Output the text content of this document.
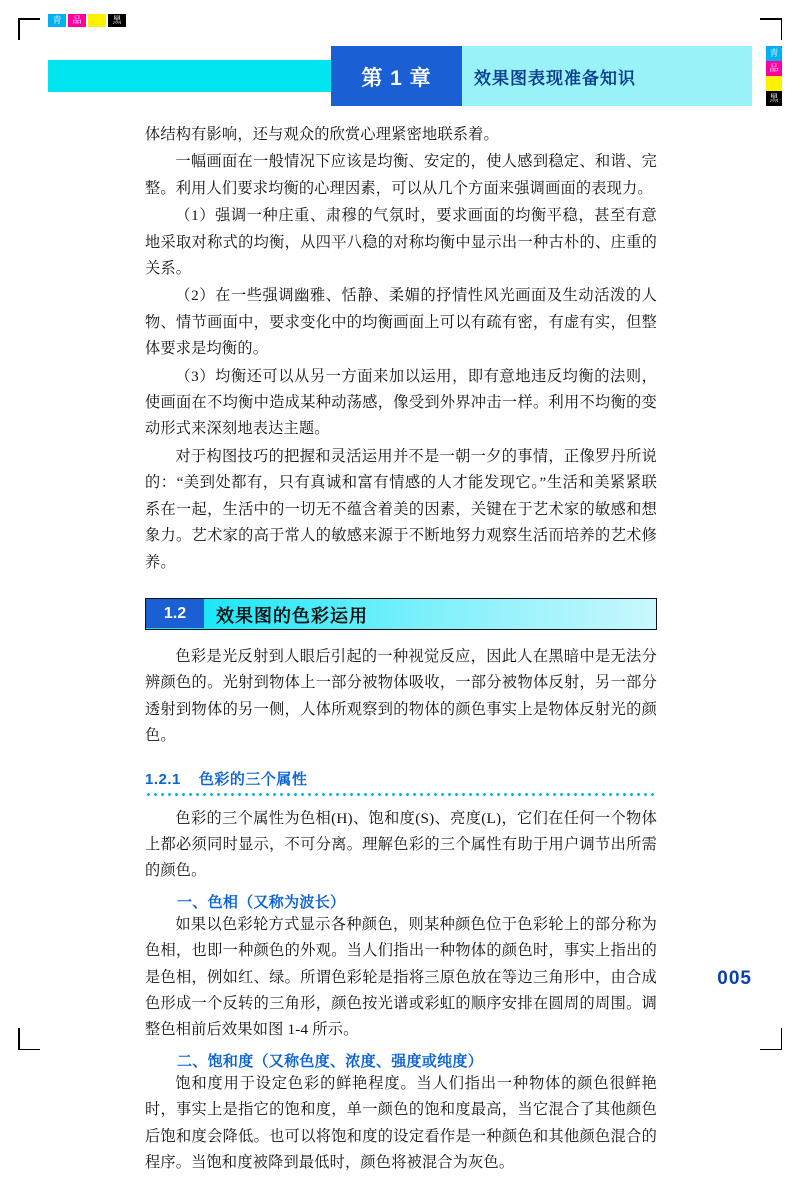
青	品	黑
青
品
黑
第 1 章	效果图表现准备知识

体结构有影响，还与观众的欣赏心理紧密地联系着。

一幅画面在一般情况下应该是均衡、安定的，使人感到稳定、和谐、完整。利用人们要求均衡的心理因素，可以从几个方面来强调画面的表现力。

（1）强调一种庄重、肃穆的气氛时，要求画面的均衡平稳，甚至有意地采取对称式的均衡，从四平八稳的对称均衡中显示出一种古朴的、庄重的关系。

（2）在一些强调幽雅、恬静、柔媚的抒情性风光画面及生动活泼的人物、情节画面中，要求变化中的均衡画面上可以有疏有密，有虚有实，但整体要求是均衡的。

（3）均衡还可以从另一方面来加以运用，即有意地违反均衡的法则，使画面在不均衡中造成某种动荡感，像受到外界冲击一样。利用不均衡的变动形式来深刻地表达主题。

对于构图技巧的把握和灵活运用并不是一朝一夕的事情，正像罗丹所说的：“美到处都有，只有真诚和富有情感的人才能发现它。”生活和美紧紧联系在一起，生活中的一切无不蕴含着美的因素，关键在于艺术家的敏感和想象力。艺术家的高于常人的敏感来源于不断地努力观察生活而培养的艺术修养。

1.2	效果图的色彩运用

色彩是光反射到人眼后引起的一种视觉反应，因此人在黑暗中是无法分辨颜色的。光射到物体上一部分被物体吸收，一部分被物体反射，另一部分透射到物体的另一侧，人体所观察到的物体的颜色事实上是物体反射光的颜色。

1.2.1 色彩的三个属性

色彩的三个属性为色相(H)、饱和度(S)、亮度(L)，它们在任何一个物体上都必须同时显示，不可分离。理解色彩的三个属性有助于用户调节出所需的颜色。

一、色相（又称为波长）

如果以色彩轮方式显示各种颜色，则某种颜色位于色彩轮上的部分称为色相，也即一种颜色的外观。当人们指出一种物体的颜色时，事实上指出的是色相，例如红、绿。所谓色彩轮是指将三原色放在等边三角形中，由合成色形成一个反转的三角形，颜色按光谱或彩虹的顺序安排在圆周的周围。调整色相前后效果如图 1-4 所示。

二、饱和度（又称色度、浓度、强度或纯度）

饱和度用于设定色彩的鲜艳程度。当人们指出一种物体的颜色很鲜艳时，事实上是指它的饱和度，单一颜色的饱和度最高，当它混合了其他颜色后饱和度会降低。也可以将饱和度的设定看作是一种颜色和其他颜色混合的程序。当饱和度被降到最低时，颜色将被混合为灰色。

005
